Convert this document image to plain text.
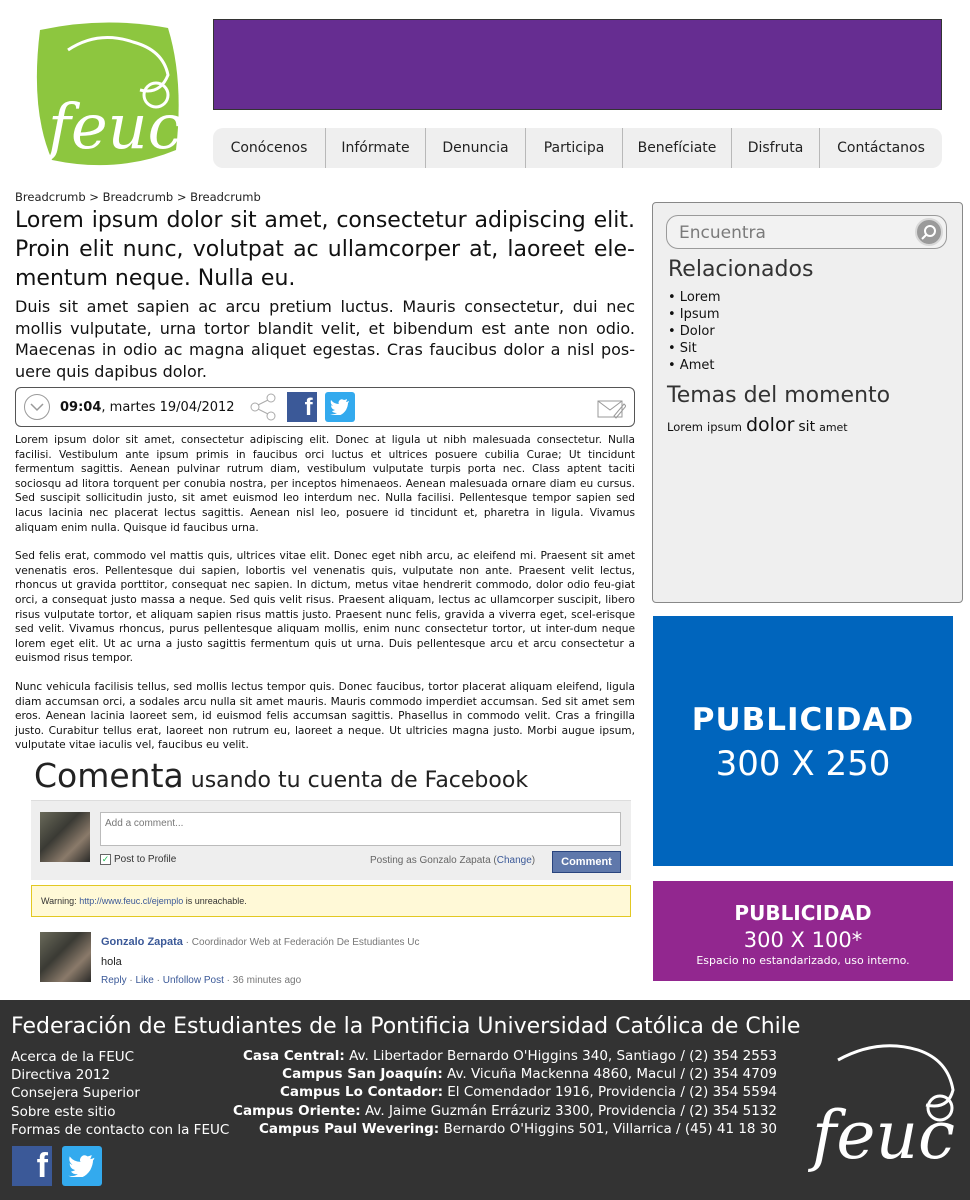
feuc	Conócenos	Infórmate	Denuncia	Participa	Benefíciate	Disfruta	Contáctanos
Breadcrumb > Breadcrumb > Breadcrumb
Lorem ipsum dolor sit amet, consectetur adipiscing elit. Proin elit nunc, volutpat ac ullamcorper at, laoreet ele-mentum neque. Nulla eu.

Duis sit amet sapien ac arcu pretium luctus. Mauris consectetur, dui nec mollis vulputate, urna tortor blandit velit, et bibendum est ante non odio. Maecenas in odio ac magna aliquet egestas. Cras faucibus dolor a nisl pos-uere quis dapibus dolor.

09:04, martes 19/04/2012	f

Lorem ipsum dolor sit amet, consectetur adipiscing elit. Donec at ligula ut nibh malesuada consectetur. Nulla facilisi. Vestibulum ante ipsum primis in faucibus orci luctus et ultrices posuere cubilia Curae; Ut tincidunt fermentum sagittis. Aenean pulvinar rutrum diam, vestibulum vulputate turpis porta nec. Class aptent taciti sociosqu ad litora torquent per conubia nostra, per inceptos himenaeos. Aenean malesuada ornare diam eu cursus. Sed suscipit sollicitudin justo, sit amet euismod leo interdum nec. Nulla facilisi. Pellentesque tempor sapien sed lacus lacinia nec placerat lectus sagittis. Aenean nisl leo, posuere id tincidunt et, pharetra in ligula. Vivamus aliquam enim nulla. Quisque id faucibus urna.

Sed felis erat, commodo vel mattis quis, ultrices vitae elit. Donec eget nibh arcu, ac eleifend mi. Praesent sit amet venenatis eros. Pellentesque dui sapien, lobortis vel venenatis quis, vulputate non ante. Praesent velit lectus, rhoncus ut gravida porttitor, consequat nec sapien. In dictum, metus vitae hendrerit commodo, dolor odio feu-giat orci, a consequat justo massa a neque. Sed quis velit risus. Praesent aliquam, lectus ac ullamcorper suscipit, libero risus vulputate tortor, et aliquam sapien risus mattis justo. Praesent nunc felis, gravida a viverra eget, scel-erisque sed velit. Vivamus rhoncus, purus pellentesque aliquam mollis, enim nunc consectetur tortor, ut inter-dum neque lorem eget elit. Ut ac urna a justo sagittis fermentum quis ut urna. Duis pellentesque arcu et arcu consectetur a euismod risus tempor.

Nunc vehicula facilisis tellus, sed mollis lectus tempor quis. Donec faucibus, tortor placerat aliquam eleifend, ligula diam accumsan orci, a sodales arcu nulla sit amet mauris. Mauris commodo imperdiet accumsan. Sed sit amet sem eros. Aenean lacinia laoreet sem, id euismod felis accumsan sagittis. Phasellus in commodo velit. Cras a fringilla justo. Curabitur tellus erat, laoreet non rutrum eu, laoreet a neque. Ut ultricies magna justo. Morbi augue ipsum, vulputate vitae iaculis vel, faucibus eu velit.

Comenta usando tu cuenta de Facebook
Add a comment...
✓ Post to Profile	Posting as Gonzalo Zapata (Change)	Comment
Warning: http://www.feuc.cl/ejemplo is unreachable.
Gonzalo Zapata · Coordinador Web at Federación De Estudiantes Uc
hola
Reply · Like · Unfollow Post · 36 minutes ago
Encuentra
Relacionados
• Lorem
• Ipsum
• Dolor
• Sit
• Amet
Temas del momento
Lorem ipsum dolor sit amet
PUBLICIDAD
300 X 250
PUBLICIDAD
300 X 100*
Espacio no estandarizado, uso interno.
Federación de Estudiantes de la Pontificia Universidad Católica de Chile
Acerca de la FEUC
Directiva 2012
Consejera Superior
Sobre este sitio
Formas de contacto con la FEUC
Casa Central: Av. Libertador Bernardo O'Higgins 340, Santiago / (2) 354 2553
Campus San Joaquín: Av. Vicuña Mackenna 4860, Macul / (2) 354 4709
Campus Lo Contador: El Comendador 1916, Providencia / (2) 354 5594
Campus Oriente: Av. Jaime Guzmán Errázuriz 3300, Providencia / (2) 354 5132
Campus Paul Wevering: Bernardo O'Higgins 501, Villarrica / (45) 41 18 30
f	feuc
